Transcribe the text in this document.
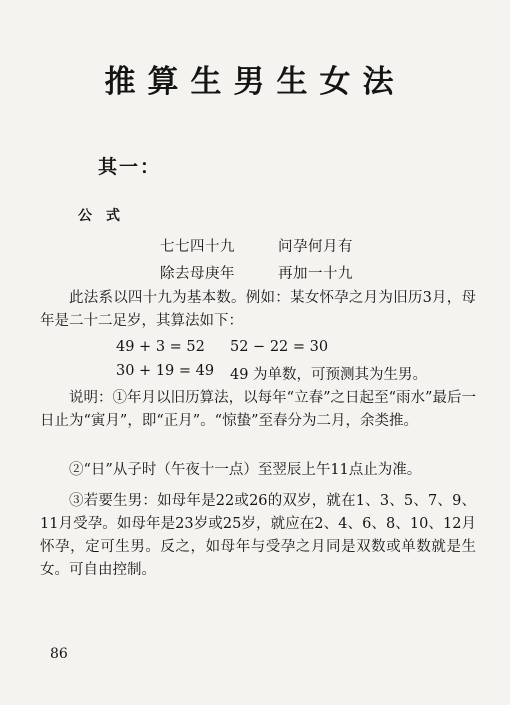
推算生男生女法
其一：
公式
七七四十九	问孕何月有
除去母庚年	再加一十九

此法系以四十九为基本数。例如：某女怀孕之月为旧历3月，母年是二十二足岁，其算法如下：

49 + 3 = 52 52 − 22 = 30
30 + 19 = 49 49 为单数，可预测其为生男。

说明：①年月以旧历算法，以每年“立春”之日起至“雨水”最后一日止为“寅月”，即“正月”。“惊蛰”至春分为二月，余类推。

②“日”从子时（午夜十一点）至翌辰上午11点止为准。

③若要生男：如母年是22或26的双岁，就在1、3、5、7、9、11月受孕。如母年是23岁或25岁，就应在2、4、6、8、10、12月怀孕，定可生男。反之，如母年与受孕之月同是双数或单数就是生女。可自由控制。

86
